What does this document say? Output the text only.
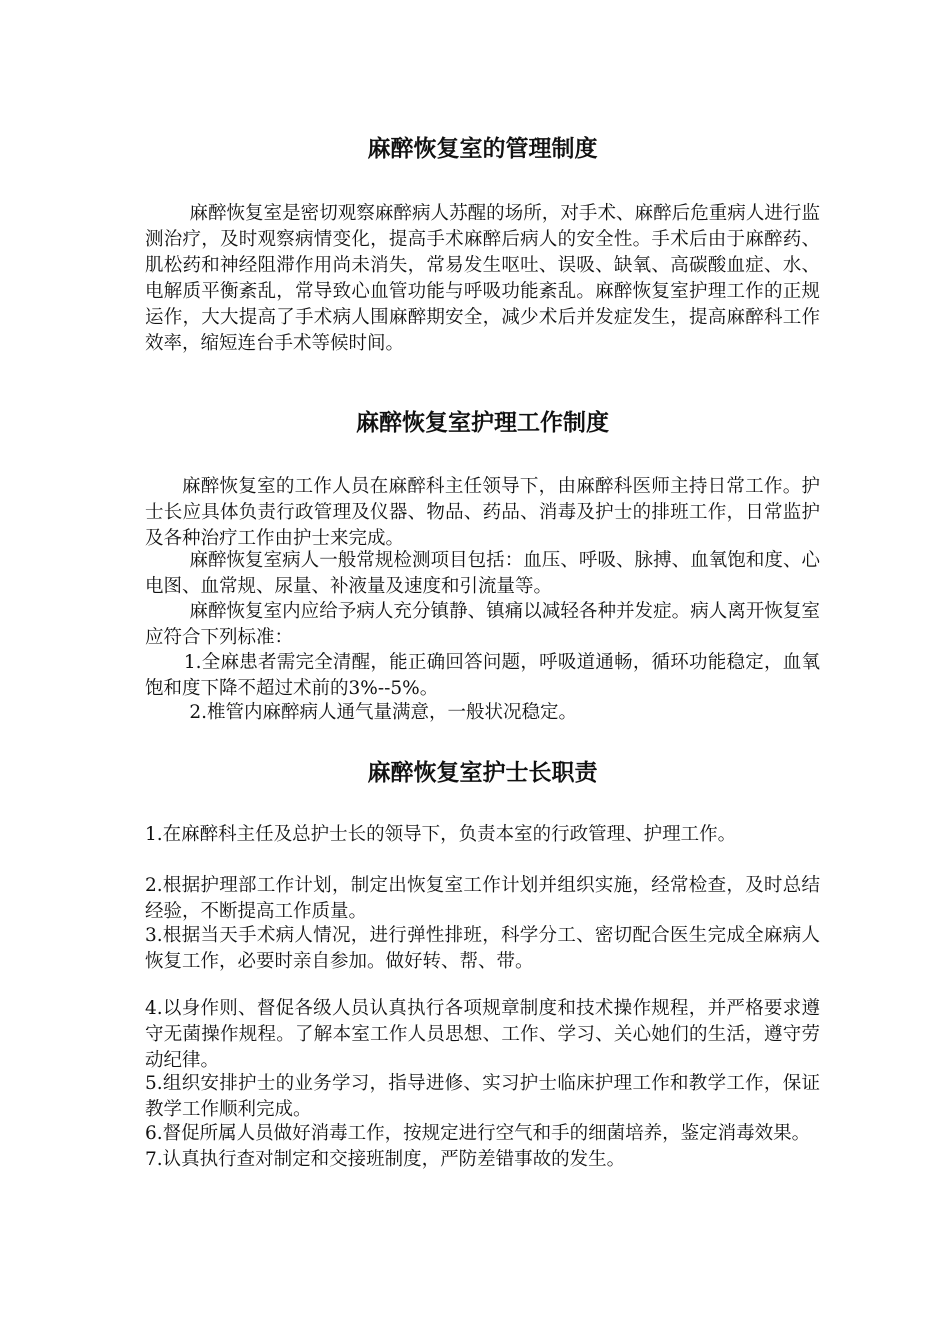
麻醉恢复室的管理制度

麻醉恢复室是密切观察麻醉病人苏醒的场所，对手术、麻醉后危重病人进行监测治疗，及时观察病情变化，提高手术麻醉后病人的安全性。手术后由于麻醉药、肌松药和神经阻滞作用尚未消失，常易发生呕吐、误吸、缺氧、高碳酸血症、水、电解质平衡紊乱，常导致心血管功能与呼吸功能紊乱。麻醉恢复室护理工作的正规运作，大大提高了手术病人围麻醉期安全，减少术后并发症发生，提高麻醉科工作效率，缩短连台手术等候时间。

麻醉恢复室护理工作制度

麻醉恢复室的工作人员在麻醉科主任领导下，由麻醉科医师主持日常工作。护士长应具体负责行政管理及仪器、物品、药品、消毒及护士的排班工作，日常监护及各种治疗工作由护士来完成。

麻醉恢复室病人一般常规检测项目包括：血压、呼吸、脉搏、血氧饱和度、心电图、血常规、尿量、补液量及速度和引流量等。

麻醉恢复室内应给予病人充分镇静、镇痛以减轻各种并发症。病人离开恢复室应符合下列标准：

1.全麻患者需完全清醒，能正确回答问题，呼吸道通畅，循环功能稳定，血氧饱和度下降不超过术前的3%--5%。

2.椎管内麻醉病人通气量满意，一般状况稳定。

麻醉恢复室护士长职责

1.在麻醉科主任及总护士长的领导下，负责本室的行政管理、护理工作。

2.根据护理部工作计划，制定出恢复室工作计划并组织实施，经常检查，及时总结经验，不断提高工作质量。

3.根据当天手术病人情况，进行弹性排班，科学分工、密切配合医生完成全麻病人恢复工作，必要时亲自参加。做好转、帮、带。

4.以身作则、督促各级人员认真执行各项规章制度和技术操作规程，并严格要求遵守无菌操作规程。了解本室工作人员思想、工作、学习、关心她们的生活，遵守劳动纪律。

5.组织安排护士的业务学习，指导进修、实习护士临床护理工作和教学工作，保证教学工作顺利完成。

6.督促所属人员做好消毒工作，按规定进行空气和手的细菌培养，鉴定消毒效果。

7.认真执行查对制定和交接班制度，严防差错事故的发生。
